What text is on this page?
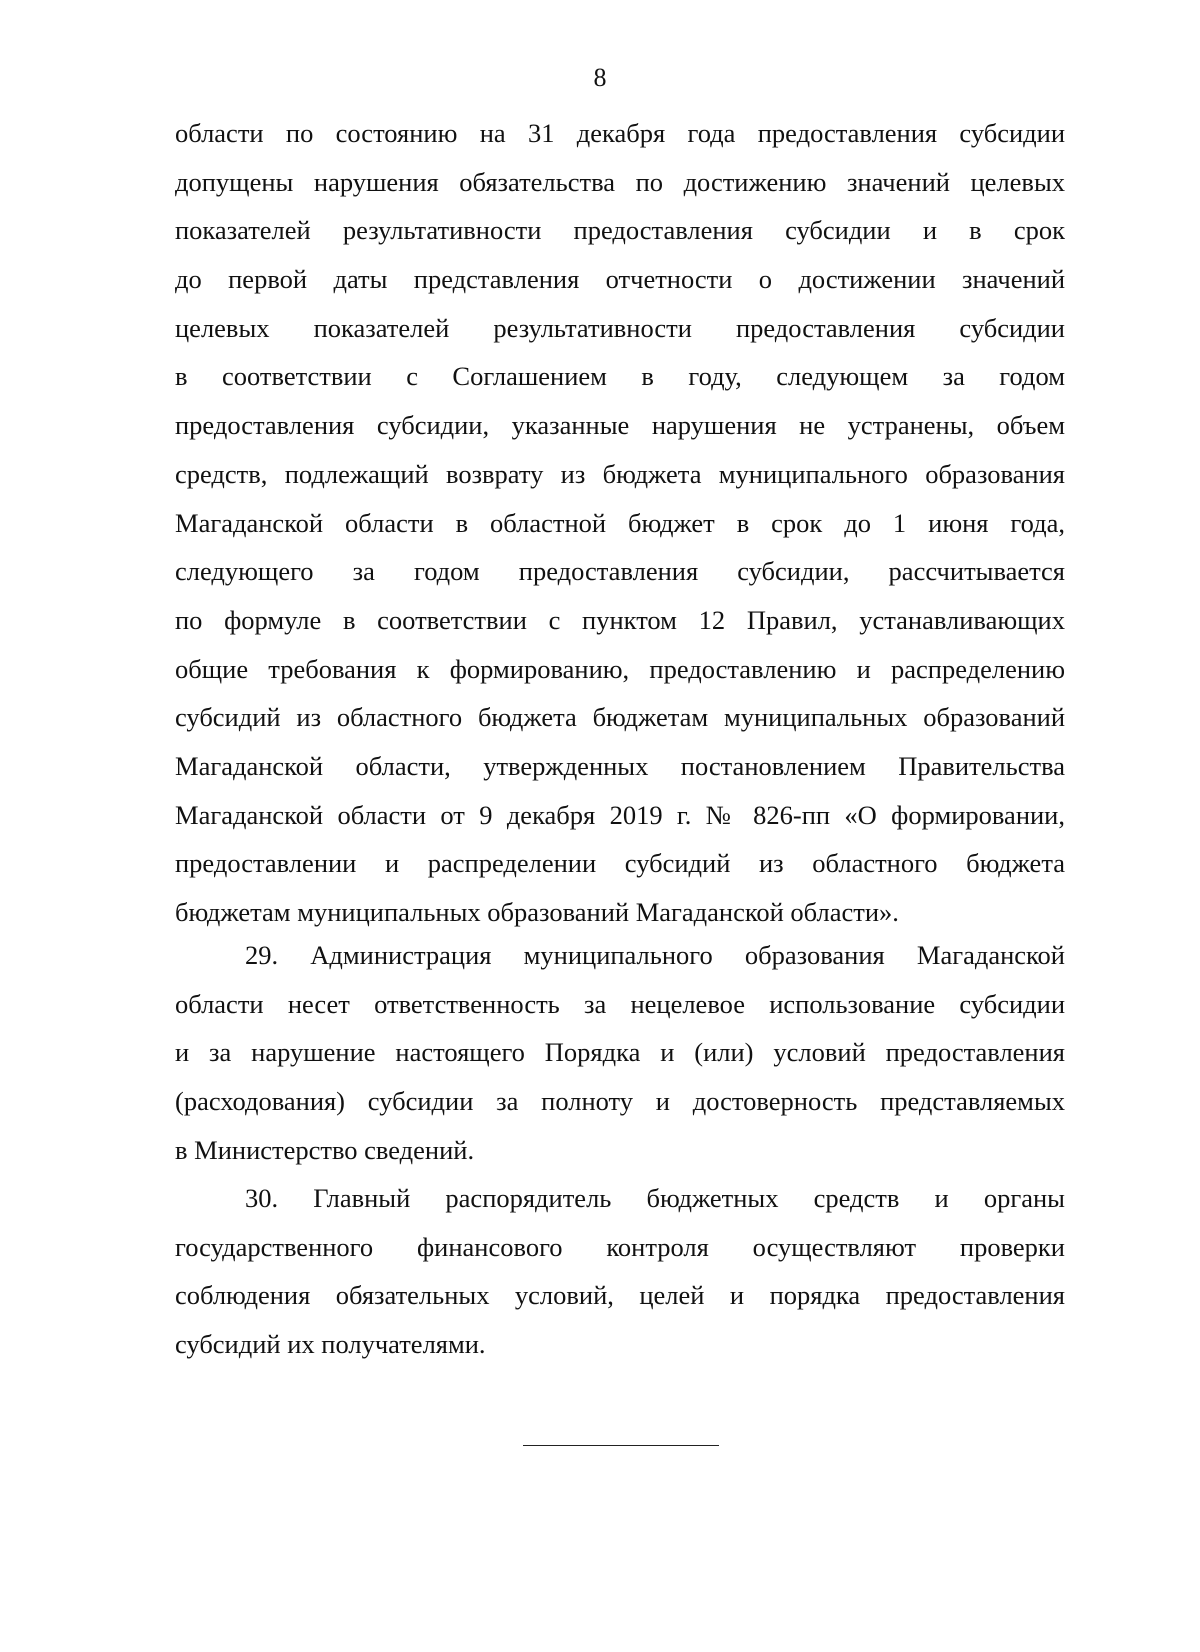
8
области по состоянию на 31 декабря года предоставления субсидии
допущены нарушения обязательства по достижению значений целевых
показателей результативности предоставления субсидии и в срок
до первой даты представления отчетности о достижении значений
целевых показателей результативности предоставления субсидии
в соответствии с Соглашением в году, следующем за годом
предоставления субсидии, указанные нарушения не устранены, объем
средств, подлежащий возврату из бюджета муниципального образования
Магаданской области в областной бюджет в срок до 1 июня года,
следующего за годом предоставления субсидии, рассчитывается
по формуле в соответствии с пунктом 12 Правил, устанавливающих
общие требования к формированию, предоставлению и распределению
субсидий из областного бюджета бюджетам муниципальных образований
Магаданской области, утвержденных постановлением Правительства
Магаданской области от 9 декабря 2019 г. № 826-пп «О формировании,
предоставлении и распределении субсидий из областного бюджета
бюджетам муниципальных образований Магаданской области».
29. Администрация муниципального образования Магаданской
области несет ответственность за нецелевое использование субсидии
и за нарушение настоящего Порядка и (или) условий предоставления
(расходования) субсидии за полноту и достоверность представляемых
в Министерство сведений.
30. Главный распорядитель бюджетных средств и органы
государственного финансового контроля осуществляют проверки
соблюдения обязательных условий, целей и порядка предоставления
субсидий их получателями.
